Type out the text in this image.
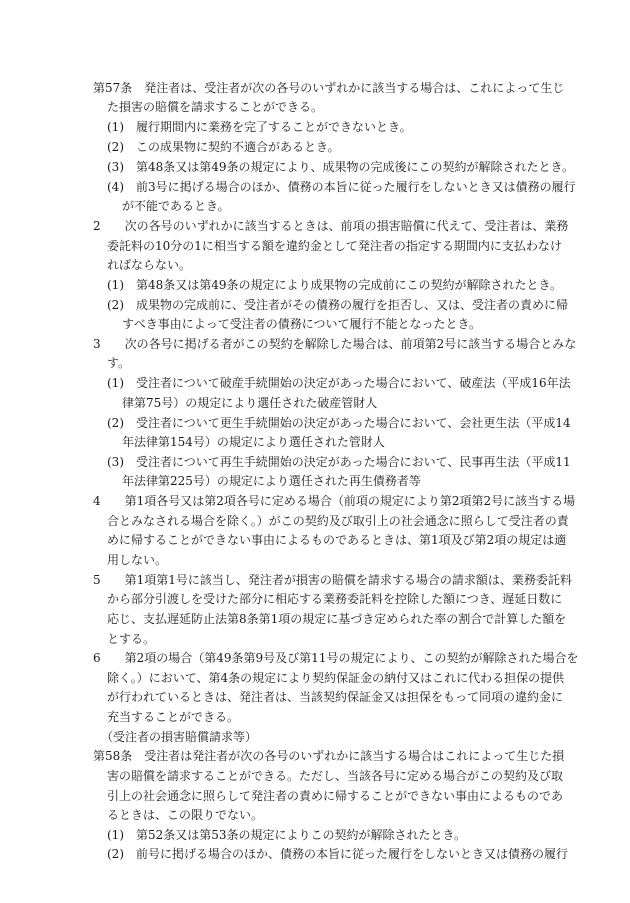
第57条　発注者は、受注者が次の各号のいずれかに該当する場合は、これによって生じ
た損害の賠償を請求することができる。
(1)　履行期間内に業務を完了することができないとき。
(2)　この成果物に契約不適合があるとき。
(3)　第48条又は第49条の規定により、成果物の完成後にこの契約が解除されたとき。
(4)　前3号に掲げる場合のほか、債務の本旨に従った履行をしないとき又は債務の履行
が不能であるとき。
2　　次の各号のいずれかに該当するときは、前項の損害賠償に代えて、受注者は、業務
委託料の10分の1に相当する額を違約金として発注者の指定する期間内に支払わなけ
ればならない。
(1)　第48条又は第49条の規定により成果物の完成前にこの契約が解除されたとき。
(2)　成果物の完成前に、受注者がその債務の履行を拒否し、又は、受注者の責めに帰
すべき事由によって受注者の債務について履行不能となったとき。
3　　次の各号に掲げる者がこの契約を解除した場合は、前項第2号に該当する場合とみな
す。
(1)　受注者について破産手続開始の決定があった場合において、破産法（平成16年法
律第75号）の規定により選任された破産管財人
(2)　受注者について更生手続開始の決定があった場合において、会社更生法（平成14
年法律第154号）の規定により選任された管財人
(3)　受注者について再生手続開始の決定があった場合において、民事再生法（平成11
年法律第225号）の規定により選任された再生債務者等
4　　第1項各号又は第2項各号に定める場合（前項の規定により第2項第2号に該当する場
合とみなされる場合を除く。）がこの契約及び取引上の社会通念に照らして受注者の責
めに帰することができない事由によるものであるときは、第1項及び第2項の規定は適
用しない。
5　　第1項第1号に該当し、発注者が損害の賠償を請求する場合の請求額は、業務委託料
から部分引渡しを受けた部分に相応する業務委託料を控除した額につき、遅延日数に
応じ、支払遅延防止法第8条第1項の規定に基づき定められた率の割合で計算した額を
とする。
6　　第2項の場合（第49条第9号及び第11号の規定により、この契約が解除された場合を
除く。）において、第4条の規定により契約保証金の納付又はこれに代わる担保の提供
が行われているときは、発注者は、当該契約保証金又は担保をもって同項の違約金に
充当することができる。
（受注者の損害賠償請求等）
第58条　受注者は発注者が次の各号のいずれかに該当する場合はこれによって生じた損
害の賠償を請求することができる。ただし、当該各号に定める場合がこの契約及び取
引上の社会通念に照らして発注者の責めに帰することができない事由によるものであ
るときは、この限りでない。
(1)　第52条又は第53条の規定によりこの契約が解除されたとき。
(2)　前号に掲げる場合のほか、債務の本旨に従った履行をしないとき又は債務の履行
